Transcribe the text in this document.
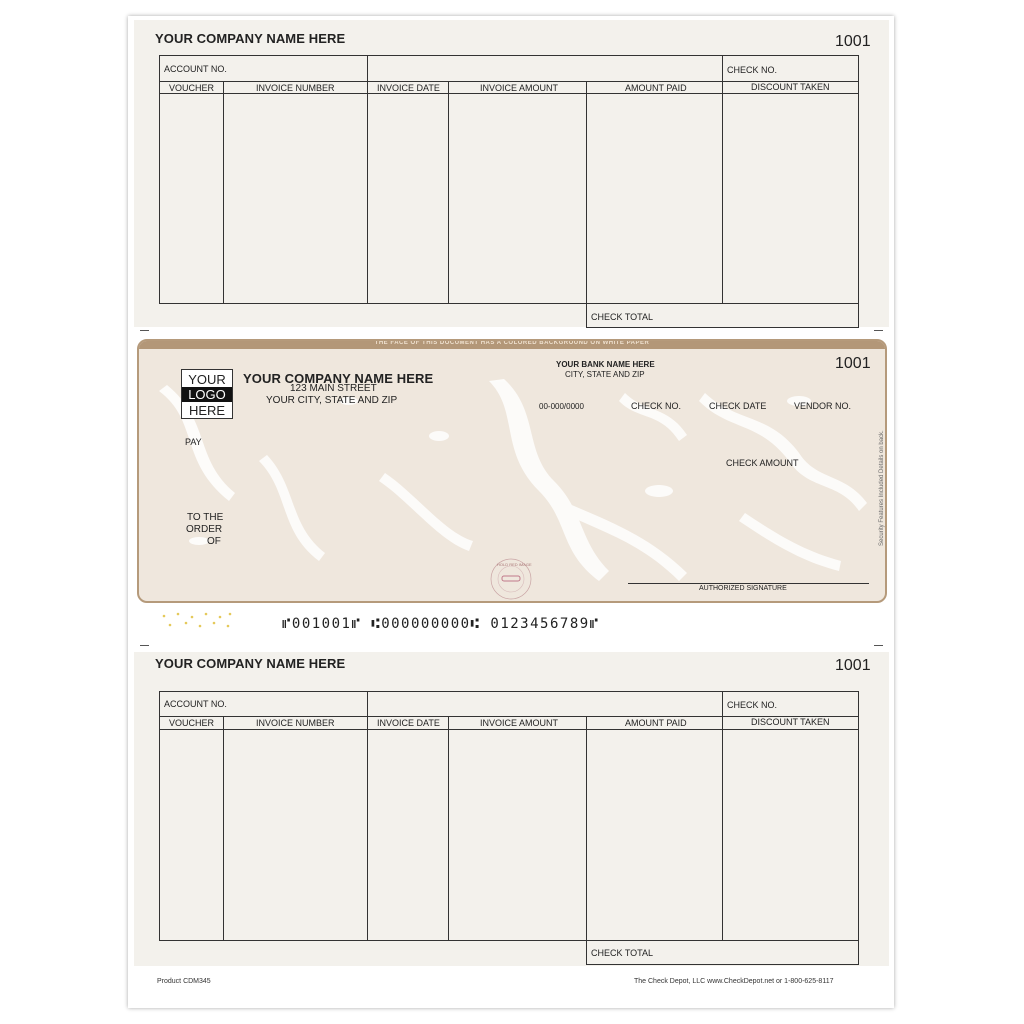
YOUR COMPANY NAME HERE	1001
ACCOUNT NO.	CHECK NO.
VOUCHER	INVOICE NUMBER	INVOICE DATE	INVOICE AMOUNT	AMOUNT PAID	DISCOUNT TAKEN
CHECK TOTAL
THE FACE OF THIS DOCUMENT HAS A COLORED BACKGROUND ON WHITE PAPER
YOUR
LOGO
HERE
YOUR COMPANY NAME HERE
123 MAIN STREET
YOUR CITY, STATE AND ZIP
YOUR BANK NAME HERE
CITY, STATE AND ZIP
1001
00-000/0000	CHECK NO.	CHECK DATE	VENDOR NO.
PAY
CHECK AMOUNT
TO THE
ORDER
OF
AUTHORIZED SIGNATURE
HOLD RED IMAGE
Security Features Included Details on back.
⑈001001⑈ ⑆000000000⑆ 0123456789⑈
YOUR COMPANY NAME HERE	1001
ACCOUNT NO.	CHECK NO.
VOUCHER	INVOICE NUMBER	INVOICE DATE	INVOICE AMOUNT	AMOUNT PAID	DISCOUNT TAKEN
CHECK TOTAL
Product CDM345	The Check Depot, LLC www.CheckDepot.net or 1-800-625-8117
